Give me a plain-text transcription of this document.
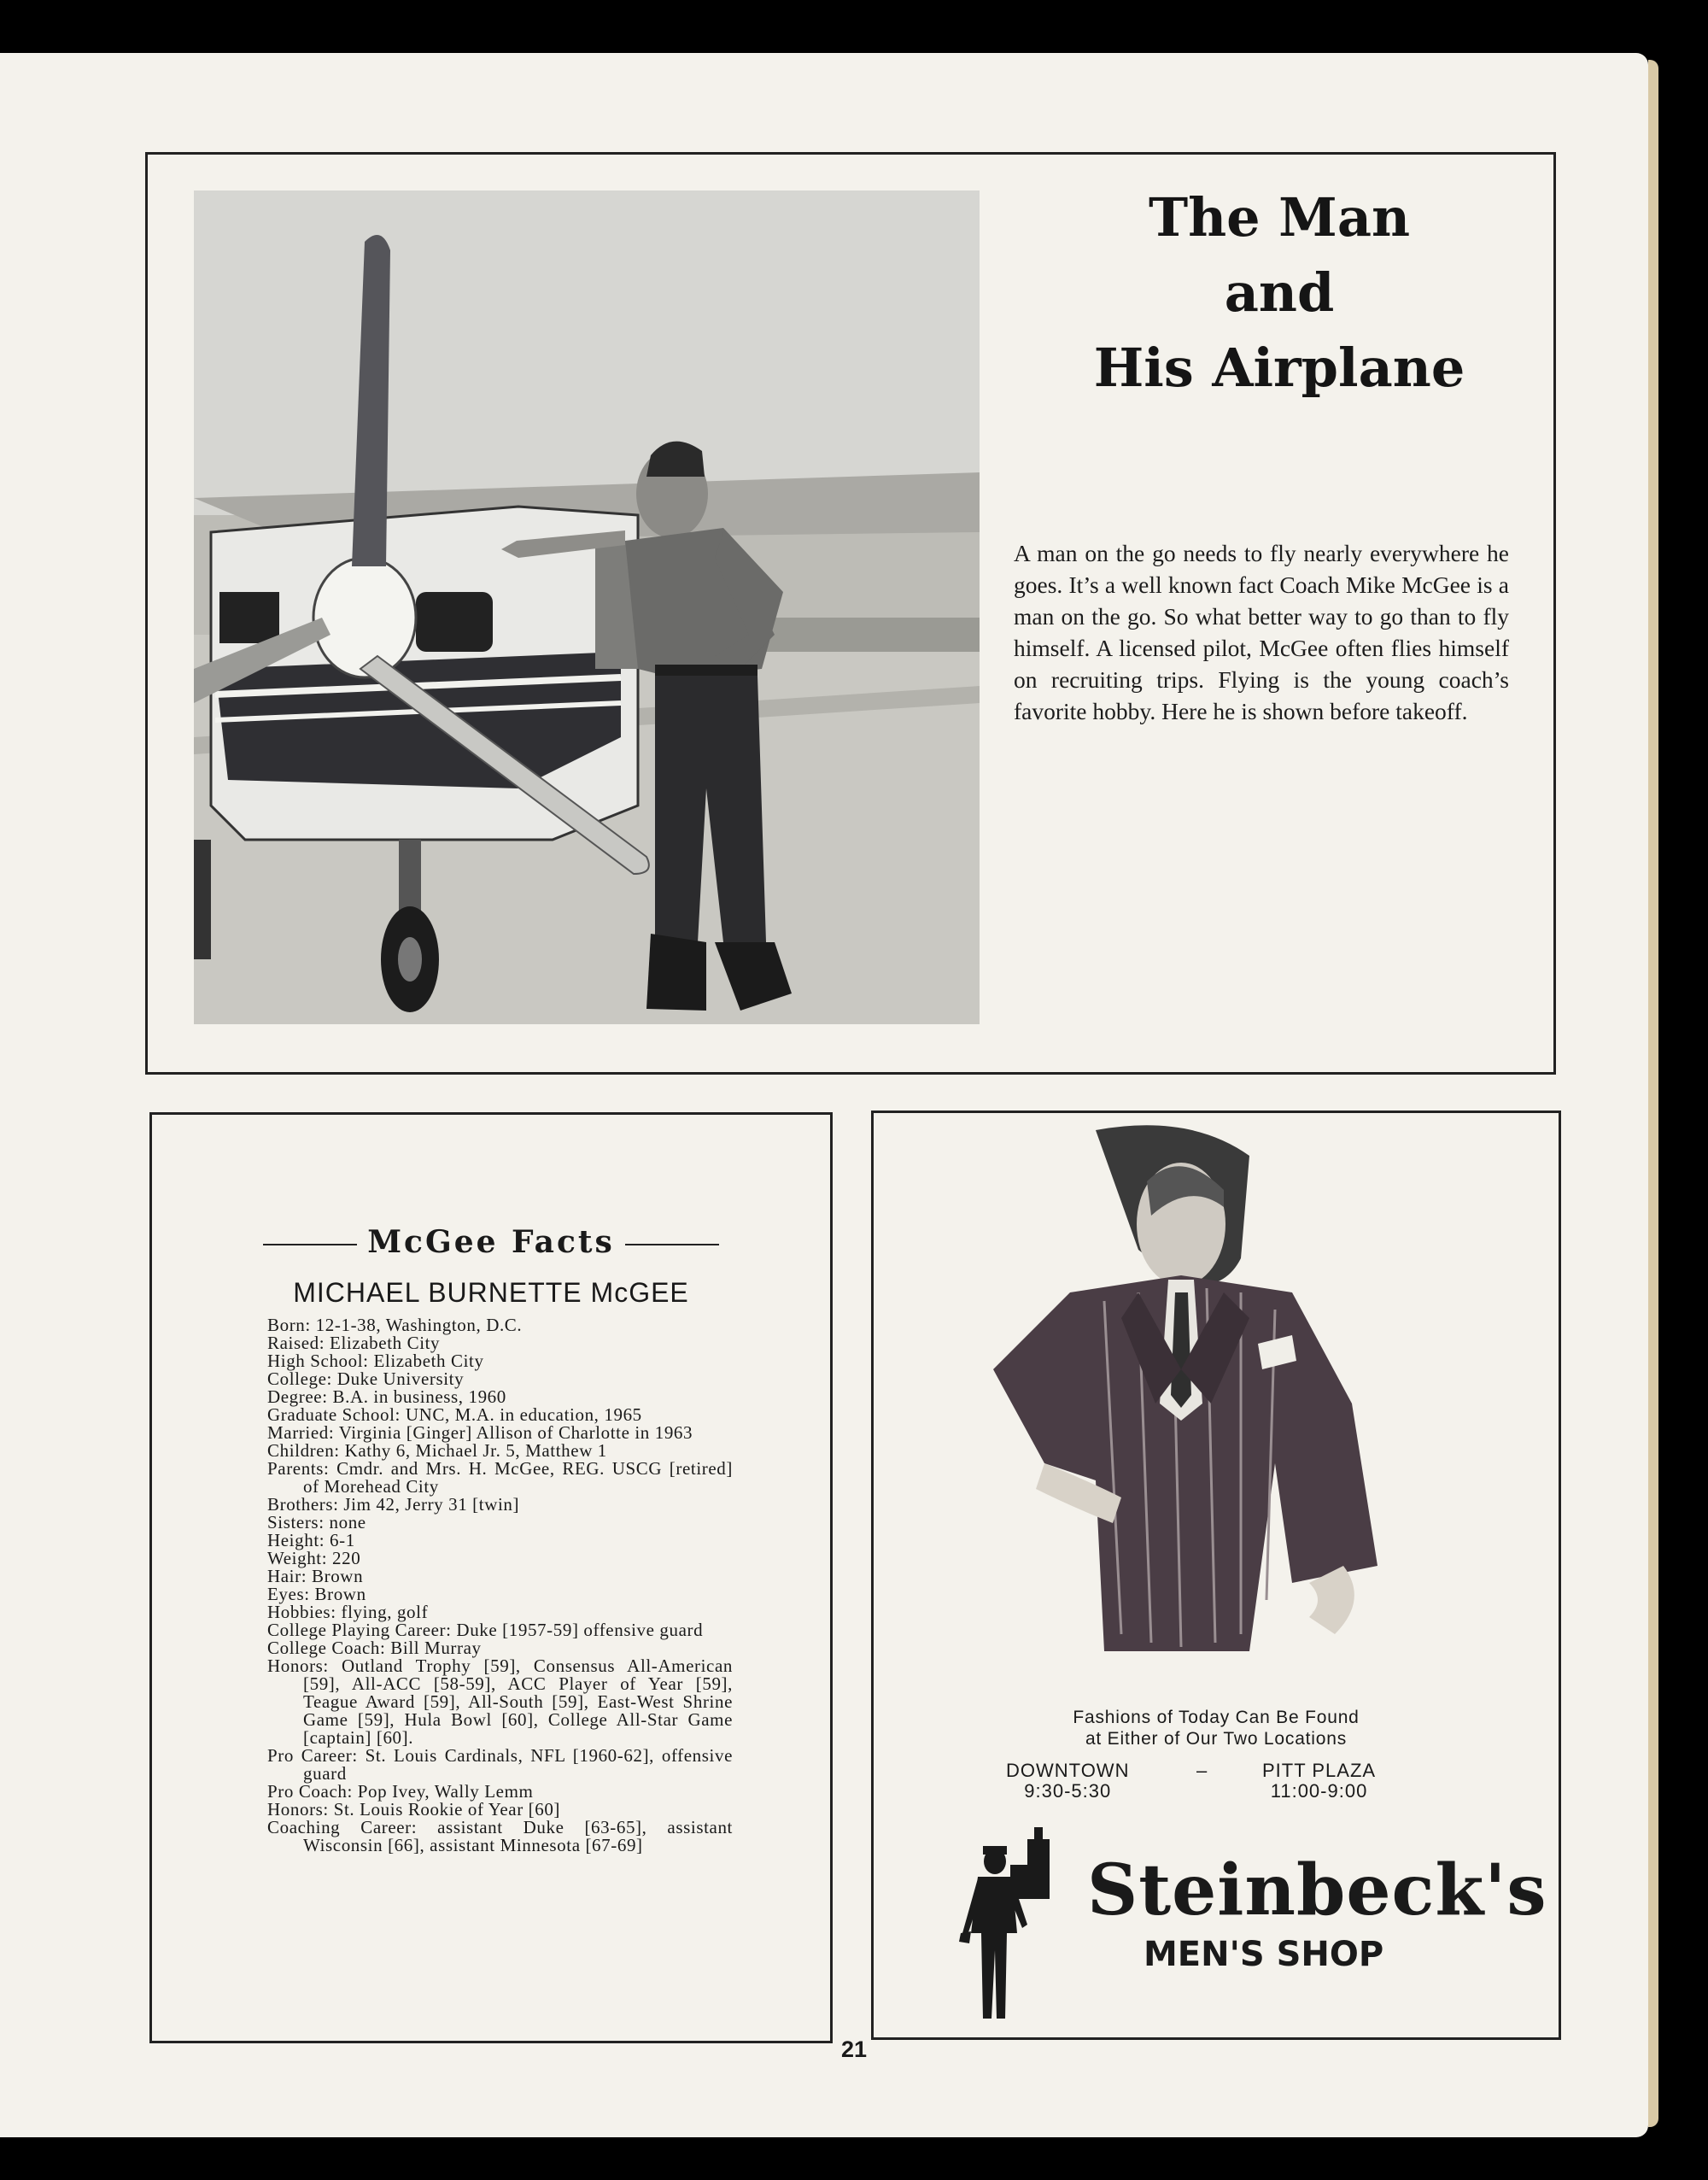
The Man
and
His Airplane
A man on the go needs to fly nearly everywhere he goes. It’s a well known fact Coach Mike McGee is a man on the go. So what better way to go than to fly himself. A licensed pilot, McGee often flies himself on recruiting trips. Flying is the young coach’s favorite hobby. Here he is shown before takeoff.
McGee Facts
MICHAEL BURNETTE McGEE
Born: 12-1-38, Washington, D.C.
Raised: Elizabeth City
High School: Elizabeth City
College: Duke University
Degree: B.A. in business, 1960
Graduate School: UNC, M.A. in education, 1965
Married: Virginia [Ginger] Allison of Charlotte in 1963
Children: Kathy 6, Michael Jr. 5, Matthew 1
Parents: Cmdr. and Mrs. H. McGee, REG. USCG [retired] of Morehead City
Brothers: Jim 42, Jerry 31 [twin]
Sisters: none
Height: 6-1
Weight: 220
Hair: Brown
Eyes: Brown
Hobbies: flying, golf
College Playing Career: Duke [1957-59] offensive guard
College Coach: Bill Murray
Honors: Outland Trophy [59], Consensus All-American [59], All-ACC [58-59], ACC Player of Year [59], Teague Award [59], All-South [59], East-West Shrine Game [59], Hula Bowl [60], College All-Star Game [captain] [60].
Pro Career: St. Louis Cardinals, NFL [1960-62], offensive guard
Pro Coach: Pop Ivey, Wally Lemm
Honors: St. Louis Rookie of Year [60]
Coaching Career: assistant Duke [63-65], assistant Wisconsin [66], assistant Minnesota [67-69]
Fashions of Today Can Be Found
at Either of Our Two Locations
DOWNTOWN
9:30-5:30
–	PITT PLAZA
11:00-9:00
Steinbeck's
MEN'S SHOP
21
